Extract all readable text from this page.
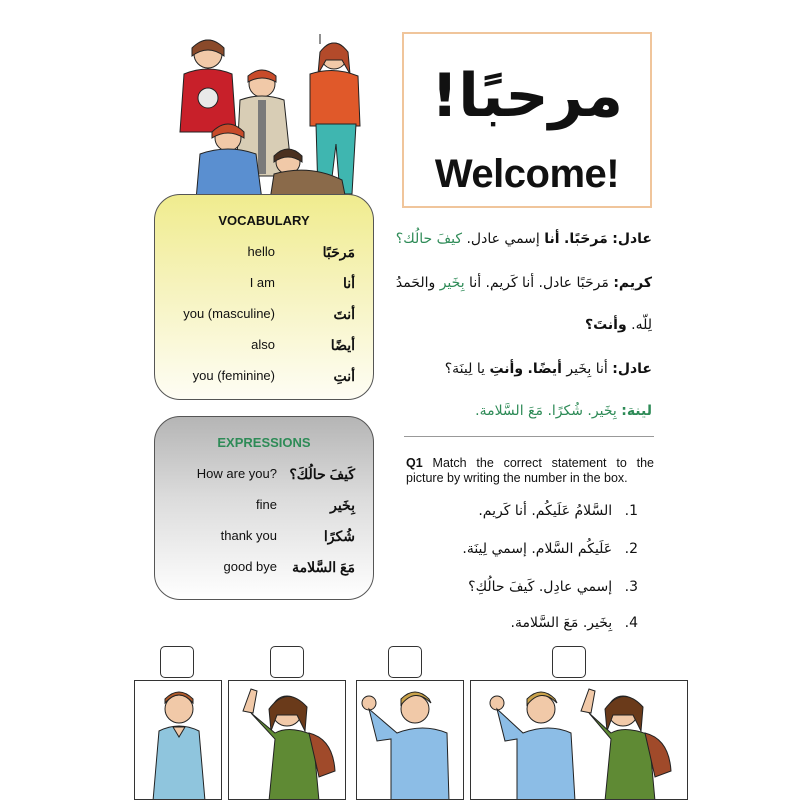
مرحبًا!
Welcome!
VOCABULARY
hello	مَرحَبًا
I am	أنا
you (masculine)	أنتَ
also	أيضًا
you (feminine)	أنتِ
EXPRESSIONS
How are you? كَيفَ حالُكَ؟
fine	بِخَير
thank you	شُكرًا
good bye مَعَ السَّلامة
عادل: مَرحَبًا. أنا إسمي عادل. كيفَ حالُك؟
كريم: مَرحَبًا عادل. أنا كَريم. أنا بِخَير والحَمدُ
لِلّه. وأنتَ؟
عادل: أنا بِخَير أيضًا. وأنتِ يا لِينَة؟
لينة: بِخَير. شُكرًا. مَعَ السَّلامة.
Q1 Match the correct statement to the picture by writing the number in the box.
1. السَّلامُ عَلَيكُم. أنا كَريم.
2. عَلَيكُم السَّلام. إسمي لِينَة.
3. إسمي عادِل. كَيفَ حالُكِ؟
4. بِخَير. مَعَ السَّلامة.
